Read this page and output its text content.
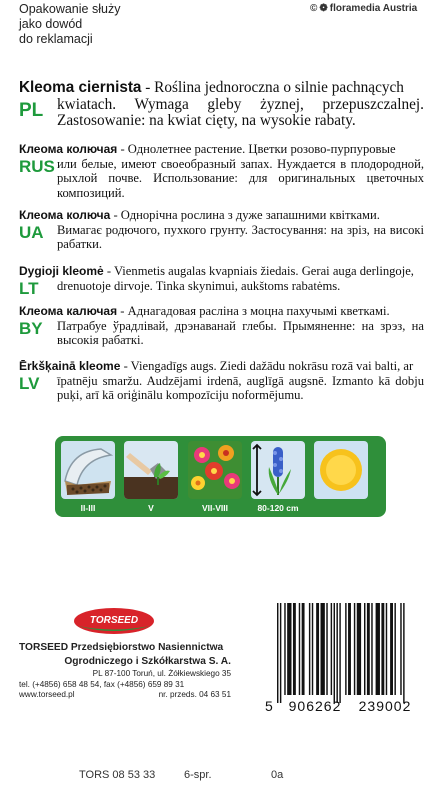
Opakowanie służy
jako dowód
do reklamacji
© ❁ floramedia Austria
PL
Kleoma ciernista - Roślina jednoroczna o silnie pachnących
kwiatach. Wymaga gleby żyznej, przepuszczalnej. Zastosowanie: na kwiat cięty, na wysokie rabaty.
RUS
Клеома колючая - Однолетнее растение. Цветки розово-пурпуровые
или белые, имеют своеобразный запах. Нуждается в плодородной, рыхлой почве. Использование: для оригинальных цветочных композиций.
UA
Клеома колюча - Однорічна рослина з дуже запашними квітками.
Вимагає родючого, пухкого грунту. Застосування: на зріз, на високі рабатки.
LT
Dygioji kleomė - Vienmetis augalas kvapniais žiedais. Gerai auga derlingoje,
drenuotoje dirvoje. Tinka skynimui, aukštoms rabatėms.
BY
Клеома калючая - Аднагадовая расліна з моцна пахучымі кветкамі.
Патрабуе ўрадлівай, дрэнаванай глебы. Прымяненне: на зрэз, на высокія рабаткі.
LV
Ērkšķainā kleome - Viengadīgs augs. Ziedi dažādu nokrāsu rozā vai balti, ar
īpatnēju smaržu. Audzējami irdenā, auglīgā augsnē. Izmanto kā dobju puķi, arī kā oriģinālu kompozīciju noformējumu.
II-III	V	VII-VIII	80-120 cm
TORSEED
TORSEED Przedsiębiorstwo Nasiennictwa
Ogrodniczego i Szkółkarstwa S. A.
PL 87-100 Toruń, ul. Żółkiewskiego 35
tel. (+4856) 658 48 54, fax (+4856) 659 89 31
www.torseed.pl	nr. przeds. 04 63 51
5 906262 239002
TORS 08 53 33	6-spr.	0a
